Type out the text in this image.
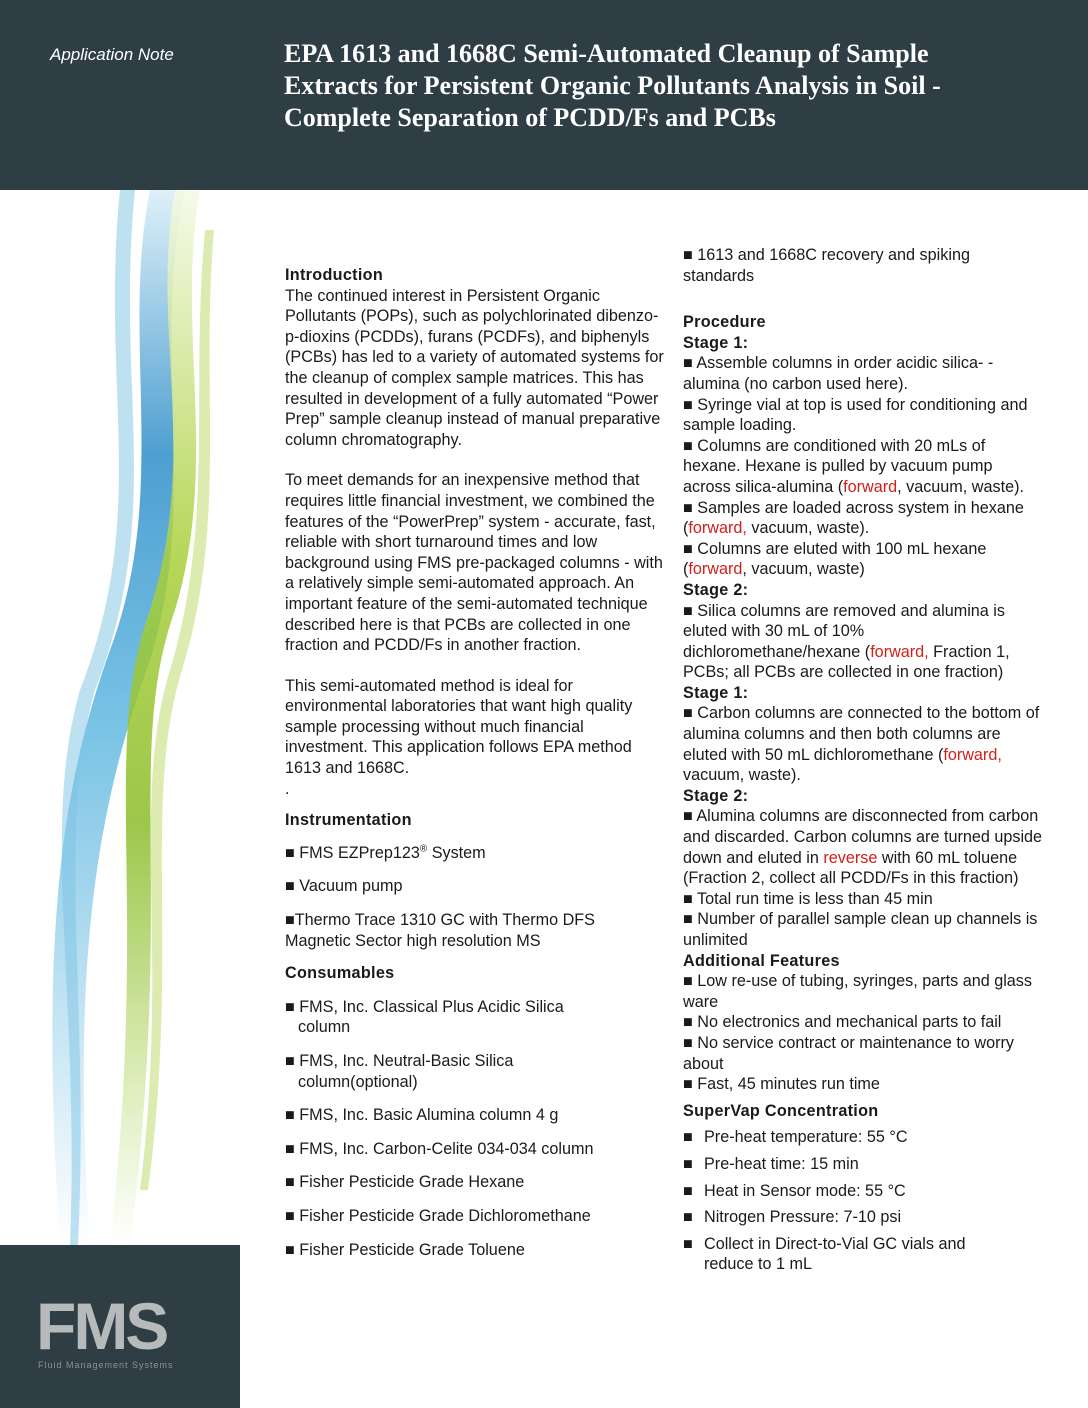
Application Note	EPA 1613 and 1668C Semi-Automated Cleanup of Sample
Extracts for Persistent Organic Pollutants Analysis in Soil -
Complete Separation of PCDD/Fs and PCBs
FMS
Fluid Management Systems
Introduction

The continued interest in Persistent Organic Pollutants (POPs), such as polychlorinated dibenzo-p-dioxins (PCDDs), furans (PCDFs), and biphenyls (PCBs) has led to a variety of automated systems for the cleanup of complex sample matrices. This has resulted in development of a fully automated “Power Prep” sample cleanup instead of manual preparative column chromatography.

To meet demands for an inexpensive method that requires little financial investment, we combined the features of the “PowerPrep” system - accurate, fast, reliable with short turnaround times and low background using FMS pre-packaged columns - with a relatively simple semi-automated approach. An important feature of the semi-automated technique described here is that PCBs are collected in one fraction and PCDD/Fs in another fraction.

This semi-automated method is ideal for environmental laboratories that want high quality sample processing without much financial investment. This application follows EPA method 1613 and 1668C.

.

Instrumentation

■ FMS EZPrep123® System

■ Vacuum pump

■Thermo Trace 1310 GC with Thermo DFS Magnetic Sector high resolution MS

Consumables

■ FMS, Inc. Classical Plus Acidic Silica

column

■ FMS, Inc. Neutral-Basic Silica

column(optional)

■ FMS, Inc. Basic Alumina column 4 g

■ FMS, Inc. Carbon-Celite 034-034 column

■ Fisher Pesticide Grade Hexane

■ Fisher Pesticide Grade Dichloromethane

■ Fisher Pesticide Grade Toluene

■ 1613 and 1668C recovery and spiking standards

Procedure
Stage 1:

■ Assemble columns in order acidic silica- - alumina (no carbon used here).

■ Syringe vial at top is used for conditioning and sample loading.

■ Columns are conditioned with 20 mLs of hexane. Hexane is pulled by vacuum pump across silica-alumina (forward, vacuum, waste).

■ Samples are loaded across system in hexane (forward, vacuum, waste).

■ Columns are eluted with 100 mL hexane (forward, vacuum, waste)

Stage 2:

■ Silica columns are removed and alumina is eluted with 30 mL of 10% dichloromethane/hexane (forward, Fraction 1, PCBs; all PCBs are collected in one fraction)

Stage 1:

■ Carbon columns are connected to the bottom of alumina columns and then both columns are eluted with 50 mL dichloromethane (forward, vacuum, waste).

Stage 2:

■ Alumina columns are disconnected from carbon and discarded. Carbon columns are turned upside down and eluted in reverse with 60 mL toluene (Fraction 2, collect all PCDD/Fs in this fraction)

■ Total run time is less than 45 min

■ Number of parallel sample clean up channels is unlimited

Additional Features

■ Low re-use of tubing, syringes, parts and glass ware

■ No electronics and mechanical parts to fail

■ No service contract or maintenance to worry about

■ Fast, 45 minutes run time

SuperVap Concentration
■ Pre-heat temperature: 55 °C
■ Pre-heat time: 15 min
■ Heat in Sensor mode: 55 °C
■ Nitrogen Pressure: 7-10 psi
■ Collect in Direct-to-Vial GC vials and reduce to 1 mL
